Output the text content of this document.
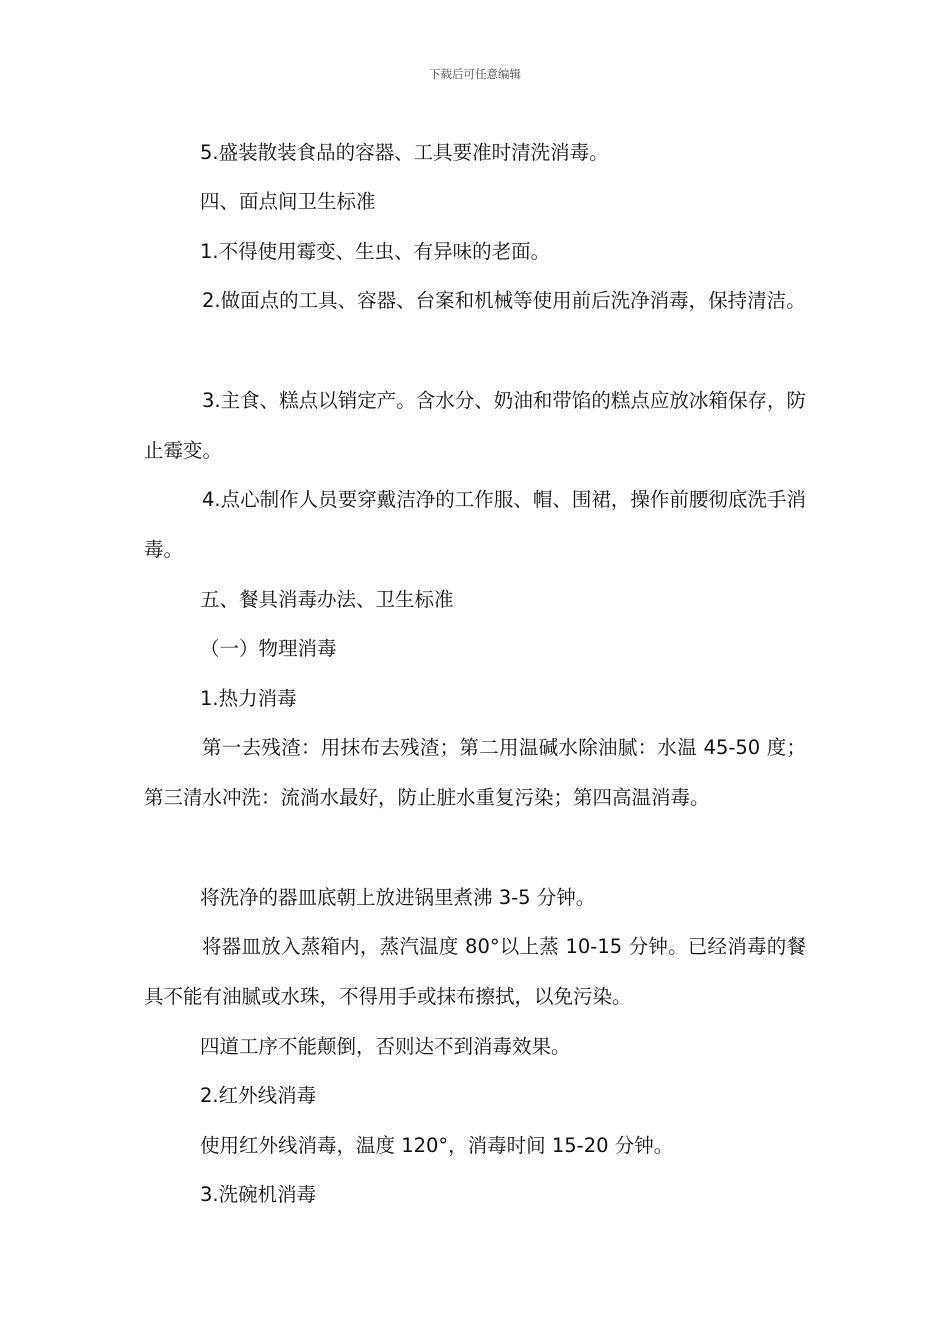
下载后可任意编辑

5.盛装散装食品的容器、工具要准时清洗消毒。

四、面点间卫生标准

1.不得使用霉变、生虫、有异味的老面。

2.做面点的工具、容器、台案和机械等使用前后洗净消毒，保持清洁。

3.主食、糕点以销定产。含水分、奶油和带馅的糕点应放冰箱保存，防止霉变。

4.点心制作人员要穿戴洁净的工作服、帽、围裙，操作前腰彻底洗手消毒。

五、餐具消毒办法、卫生标准

（一）物理消毒

1.热力消毒

第一去残渣：用抹布去残渣；第二用温碱水除油腻：水温 45-50 度；第三清水冲洗：流淌水最好，防止脏水重复污染；第四高温消毒。

将洗净的器皿底朝上放进锅里煮沸 3-5 分钟。

将器皿放入蒸箱内，蒸汽温度 80°以上蒸 10-15 分钟。已经消毒的餐具不能有油腻或水珠，不得用手或抹布擦拭，以免污染。

四道工序不能颠倒，否则达不到消毒效果。

2.红外线消毒

使用红外线消毒，温度 120°，消毒时间 15-20 分钟。

3.洗碗机消毒
